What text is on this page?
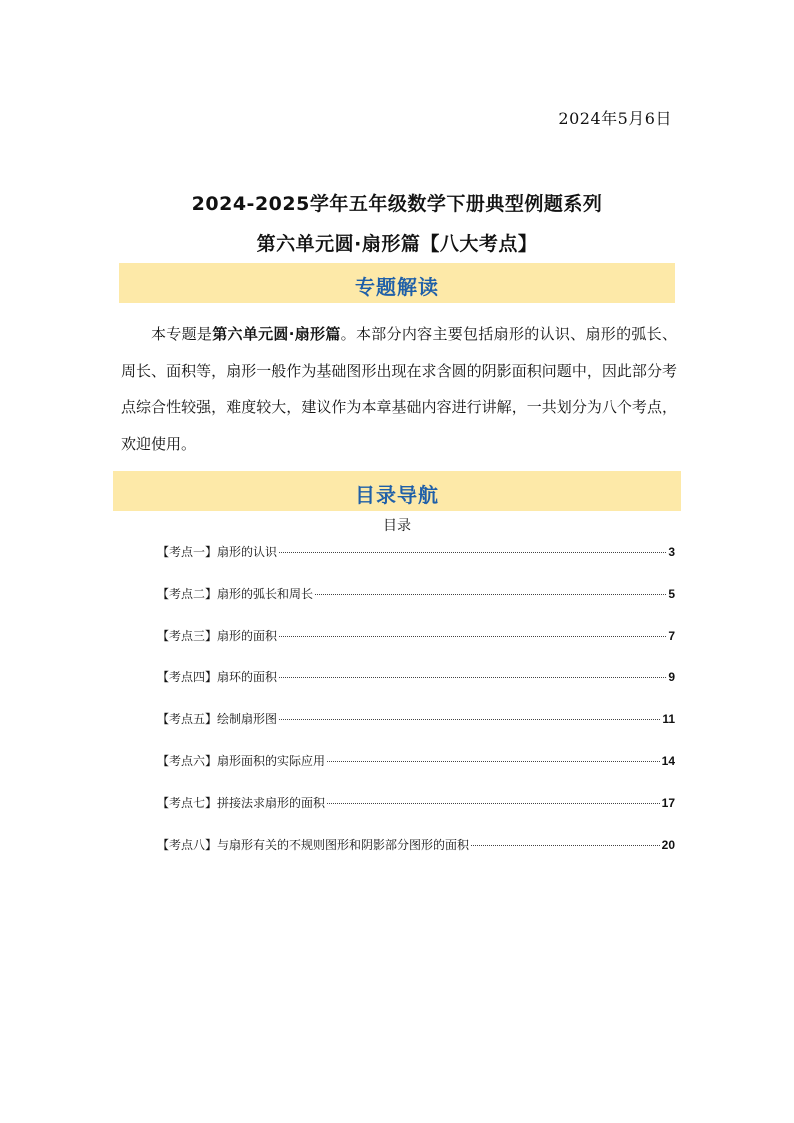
2024年5月6日
2024-2025学年五年级数学下册典型例题系列
第六单元圆·扇形篇【八大考点】
专题解读
本专题是第六单元圆·扇形篇。本部分内容主要包括扇形的认识、扇形的弧长、周长、面积等，扇形一般作为基础图形出现在求含圆的阴影面积问题中，因此部分考点综合性较强，难度较大，建议作为本章基础内容进行讲解，一共划分为八个考点，欢迎使用。
目录导航
目录
【考点一】扇形的认识	3
【考点二】扇形的弧长和周长	5
【考点三】扇形的面积	7
【考点四】扇环的面积	9
【考点五】绘制扇形图	11
【考点六】扇形面积的实际应用	14
【考点七】拼接法求扇形的面积	17
【考点八】与扇形有关的不规则图形和阴影部分图形的面积	20
